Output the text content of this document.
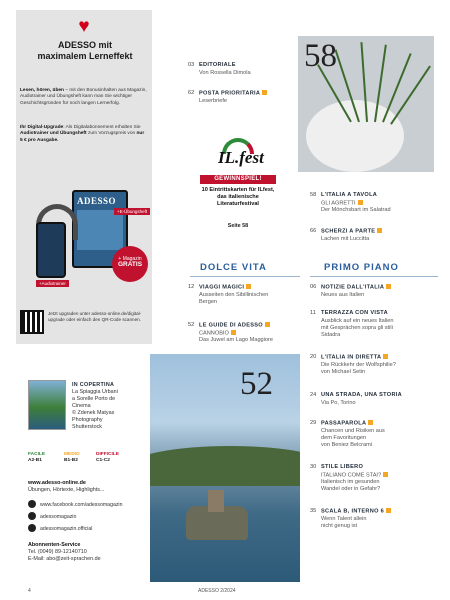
♥
ADESSO mit
maximalem Lerneffekt
Lesen, hören, üben – mit den Bonusinhalten aus Magazin, Audiotrainer und Übungsheft kann man Sie wichtiger Geschichtsgründen für noch langen Lernerfolg.
Ihr Digital-Upgrade: Als Digitalabonnement erhalten Sie Audiotrainer und Übungsheft zum Vorzugspreis von nur 5 € pro Ausgabe.
ADESSO
+E-Übungsheft
+Audiotrainer
+ Magazin
GRATIS
Jetzt upgraden unter adesso-online.de/digital-upgrade oder einfach den QR-Code scannen.
03 EDITORIALE
Von Rossella Dimola
62 POSTA PRIORITARIA
Leserbriefe
IL.fest
GEWINNSPIEL!
10 Eintrittskarten für ILfest,
das italienische
Literaturfestival
Seite 58
58
58 L'ITALIA A TAVOLA
GLI AGRETTI
Der Mönchsbart im Salatrad
66 SCHERZI A PARTE
Lachen mit Luccitta
DOLCE VITA	PRIMO PIANO
12 VIAGGI MAGICI
Ausseiten den Sibillinischen
Bergen
52 LE GUIDE DI ADESSO
CANNOBIO
Das Juwel am Lago Maggiore
06 NOTIZIE DALL'ITALIA
Neues aus Italien
11 TERRAZZA CON VISTA
Ausblick auf ein neues Italien
mit Gesprächen sopra gli stili
Sidadra
20 L'ITALIA IN DIRETTA
Die Rückkehr der Wolfsphilie?
von Michael Setin
24 UNA STRADA, UNA STORIA
Via Po, Torino
29 PASSAPAROLA
Chancen und Risiken aus
dem Favoritungen
von Beniez Belcrami
30 STILE LIBERO
ITALIANO COME STAI?
Italienisch im gesunden
Wandel oder in Gefahr?
35 SCALA B, INTERNO 6
Wenn Talent allein
nicht genug ist
52
IN COPERTINA
La Spiaggia Urbani
a Sorelle Porto de
Cinema
© Zdenek Matyas
Photography
Shutterstock
FACILE
A2-B1
MEDIO
B1-B2
DIFFICILE
C1-C2
www.adesso-online.de
Übungen, Hörtexte, Highlights...
www.facebook.com/adessomagazin
adessomagazin
adessomagazin.official
Abonnenten-Service
Tel. (0049) 89-12140710
E-Mail: abo@zeit-sprachen.de
4	ADESSO 2/2024
